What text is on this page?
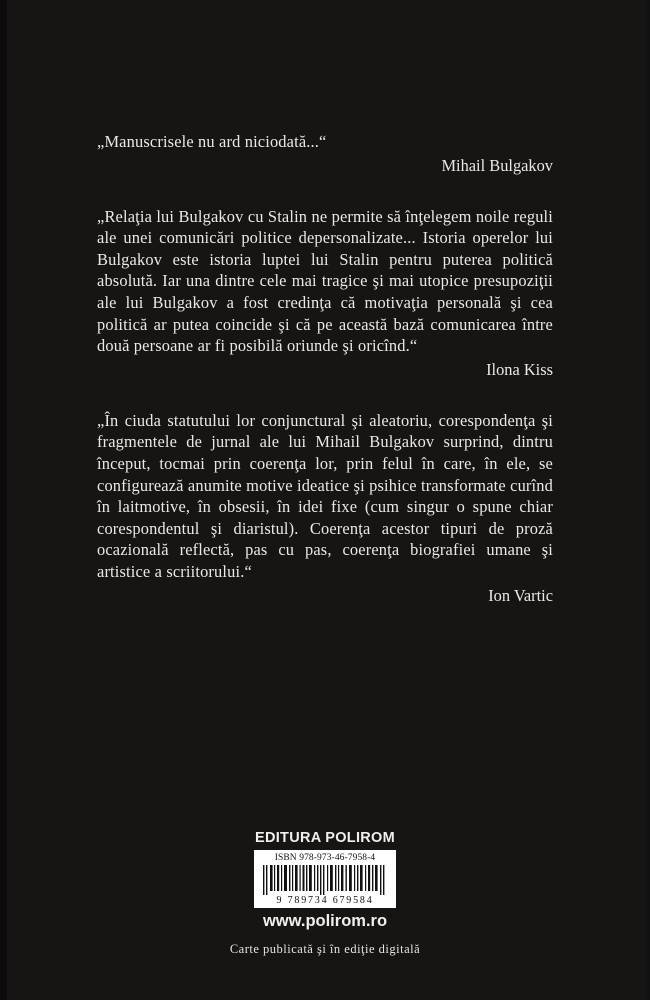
„Manuscrisele nu ard niciodată...“

Mihail Bulgakov

„Relaţia lui Bulgakov cu Stalin ne permite să înţelegem noile reguli ale unei comunicări politice depersonalizate... Istoria operelor lui Bulgakov este istoria luptei lui Stalin pentru puterea politică absolută. Iar una dintre cele mai tragice şi mai utopice presupoziţii ale lui Bulgakov a fost credinţa că motivaţia personală şi cea politică ar putea coincide şi că pe această bază comunicarea între două persoane ar fi posibilă oriunde şi oricînd.“

Ilona Kiss

„În ciuda statutului lor conjunctural şi aleatoriu, corespondenţa şi fragmentele de jurnal ale lui Mihail Bulgakov surprind, dintru început, tocmai prin coerenţa lor, prin felul în care, în ele, se configurează anumite motive ideatice şi psihice transformate curînd în laitmotive, în obsesii, în idei fixe (cum singur o spune chiar corespondentul şi diaristul). Coerenţa acestor tipuri de proză ocazională reflectă, pas cu pas, coerenţa biografiei umane şi artistice a scriitorului.“

Ion Vartic

EDITURA POLIROM

ISBN 978-973-46-7958-4
9 789734 679584

www.polirom.ro

Carte publicată şi în ediţie digitală
